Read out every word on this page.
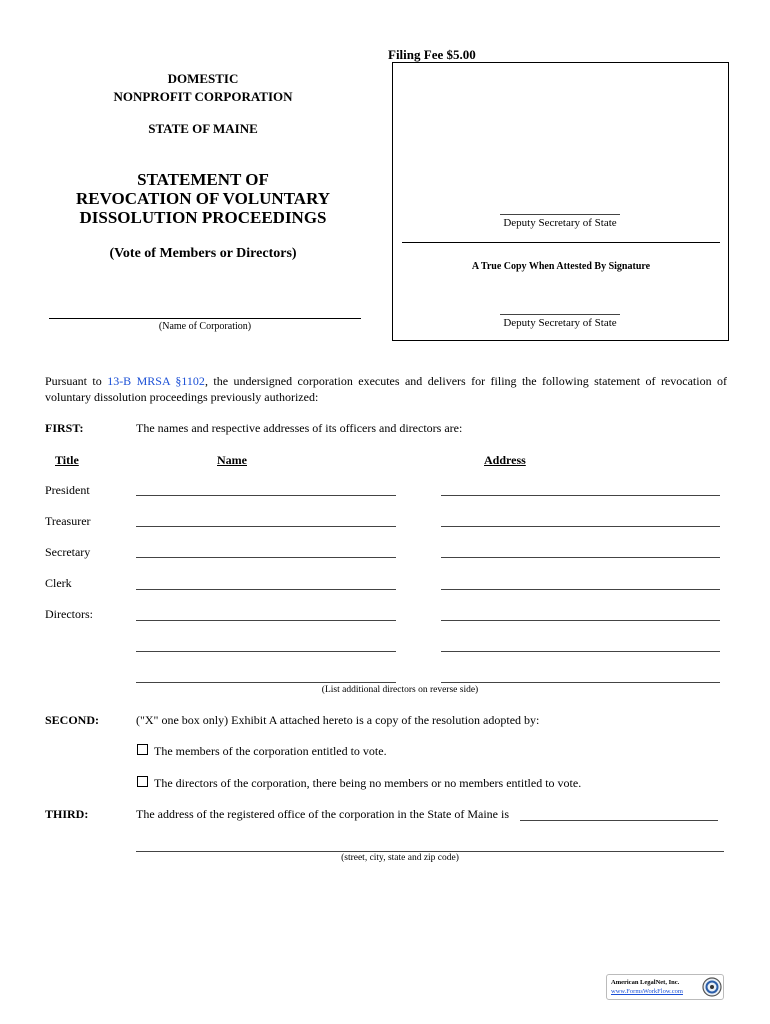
Filing Fee $5.00
DOMESTIC
NONPROFIT CORPORATION
STATE OF MAINE
STATEMENT OF
REVOCATION OF VOLUNTARY
DISSOLUTION PROCEEDINGS
(Vote of Members or Directors)
(Name of Corporation)
Deputy Secretary of State
A True Copy When Attested By Signature
Deputy Secretary of State
Pursuant to 13-B MRSA §1102, the undersigned corporation executes and delivers for filing the following statement of revocation of voluntary dissolution proceedings previously authorized:
FIRST:	The names and respective addresses of its officers and directors are:
Title	Name	Address
President
Treasurer
Secretary
Clerk
Directors:
(List additional directors on reverse side)
SECOND:	("X" one box only) Exhibit A attached hereto is a copy of the resolution adopted by:
The members of the corporation entitled to vote.
The directors of the corporation, there being no members or no members entitled to vote.
THIRD:	The address of the registered office of the corporation in the State of Maine is
(street, city, state and zip code)
American LegalNet, Inc.
www.FormsWorkFlow.com
